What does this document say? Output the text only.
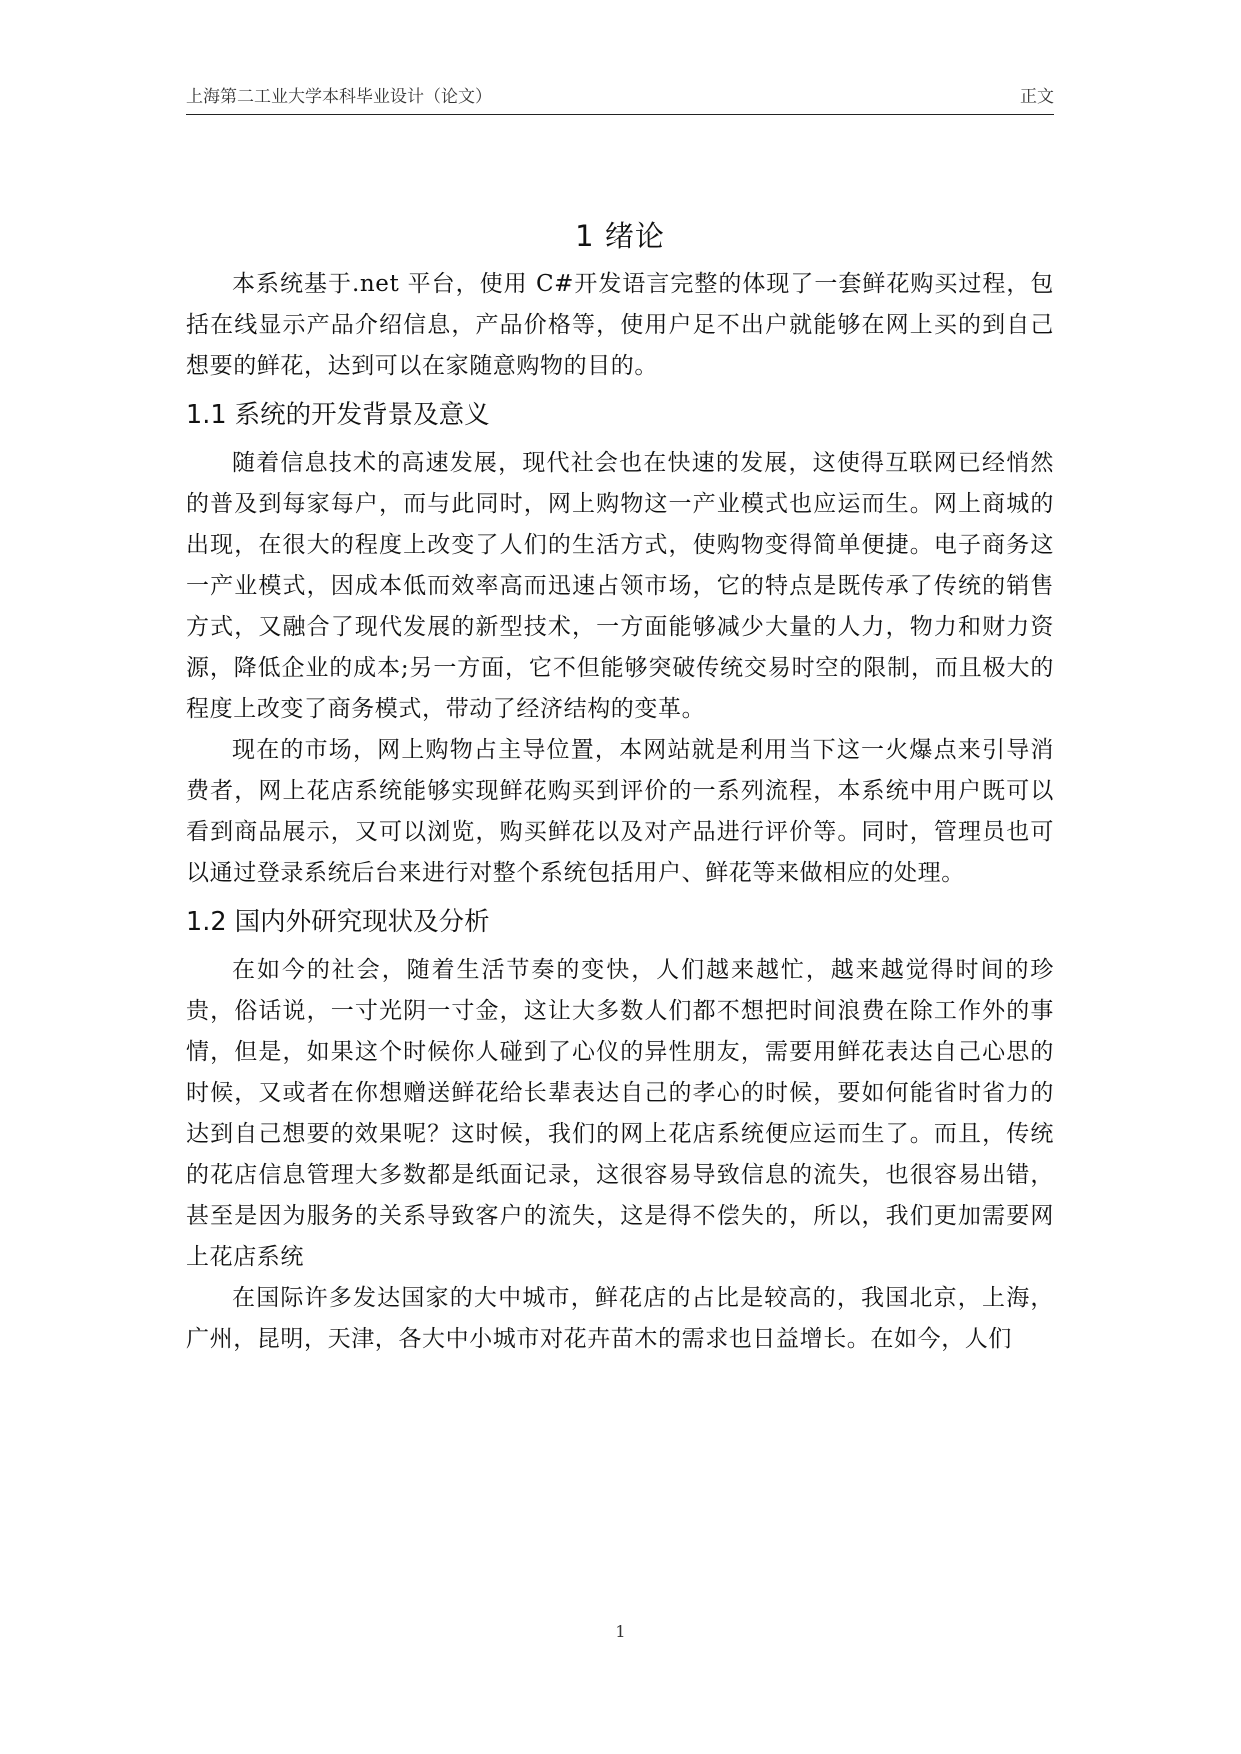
上海第二工业大学本科毕业设计（论文）	正文
1 绪论

本系统基于.net 平台，使用 C#开发语言完整的体现了一套鲜花购买过程，包括在线显示产品介绍信息，产品价格等，使用户足不出户就能够在网上买的到自己想要的鲜花，达到可以在家随意购物的目的。

1.1 系统的开发背景及意义

随着信息技术的高速发展，现代社会也在快速的发展，这使得互联网已经悄然的普及到每家每户，而与此同时，网上购物这一产业模式也应运而生。网上商城的出现，在很大的程度上改变了人们的生活方式，使购物变得简单便捷。电子商务这一产业模式，因成本低而效率高而迅速占领市场，它的特点是既传承了传统的销售方式，又融合了现代发展的新型技术，一方面能够减少大量的人力，物力和财力资源，降低企业的成本;另一方面，它不但能够突破传统交易时空的限制，而且极大的程度上改变了商务模式，带动了经济结构的变革。

现在的市场，网上购物占主导位置，本网站就是利用当下这一火爆点来引导消费者，网上花店系统能够实现鲜花购买到评价的一系列流程，本系统中用户既可以看到商品展示，又可以浏览，购买鲜花以及对产品进行评价等。同时，管理员也可以通过登录系统后台来进行对整个系统包括用户、鲜花等来做相应的处理。

1.2 国内外研究现状及分析

在如今的社会，随着生活节奏的变快，人们越来越忙，越来越觉得时间的珍贵，俗话说，一寸光阴一寸金，这让大多数人们都不想把时间浪费在除工作外的事情，但是，如果这个时候你人碰到了心仪的异性朋友，需要用鲜花表达自己心思的时候，又或者在你想赠送鲜花给长辈表达自己的孝心的时候，要如何能省时省力的达到自己想要的效果呢？这时候，我们的网上花店系统便应运而生了。而且，传统的花店信息管理大多数都是纸面记录，这很容易导致信息的流失，也很容易出错，甚至是因为服务的关系导致客户的流失，这是得不偿失的，所以，我们更加需要网上花店系统

在国际许多发达国家的大中城市，鲜花店的占比是较高的，我国北京，上海，广州，昆明，天津，各大中小城市对花卉苗木的需求也日益增长。在如今，人们

1
